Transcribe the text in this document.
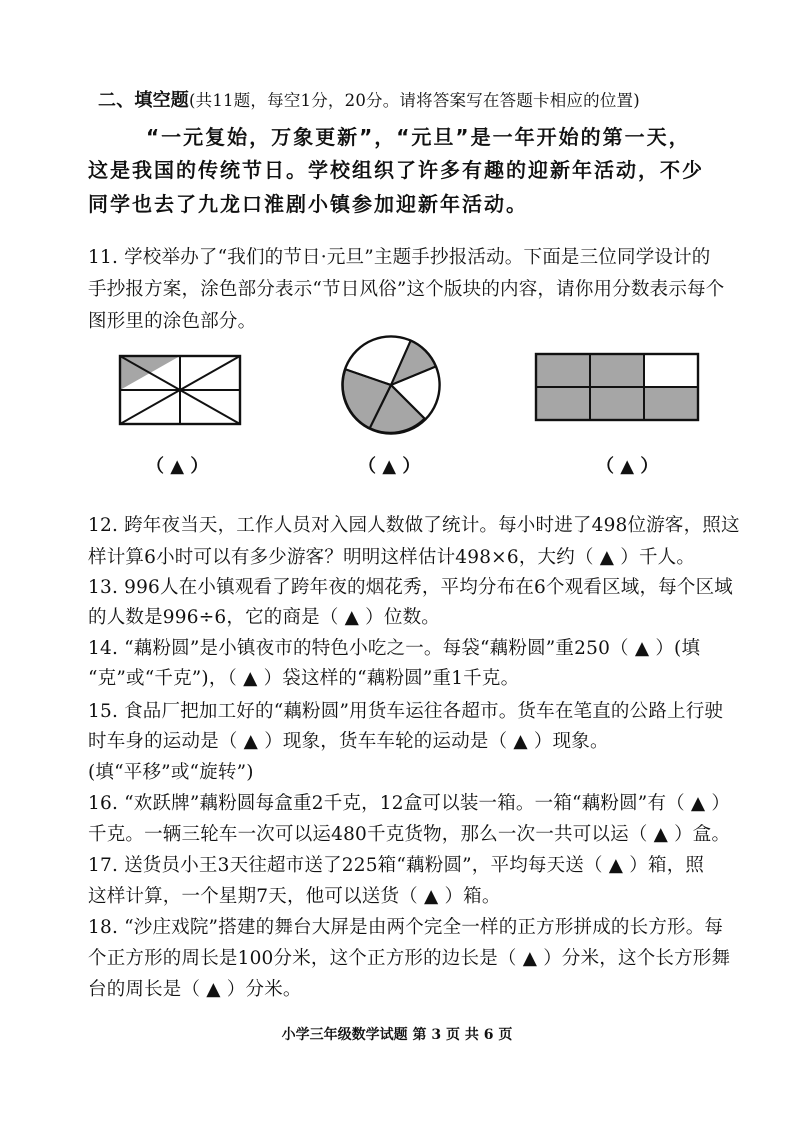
二、填空题(共11题，每空1分，20分。请将答案写在答题卡相应的位置)
“一元复始，万象更新”，“元旦”是一年开始的第一天，
这是我国的传统节日。学校组织了许多有趣的迎新年活动，不少
同学也去了九龙口淮剧小镇参加迎新年活动。
11. 学校举办了“我们的节日·元旦”主题手抄报活动。下面是三位同学设计的
手抄报方案，涂色部分表示“节日风俗”这个版块的内容，请你用分数表示每个
图形里的涂色部分。
（ ▲ ）	（ ▲ ）	（ ▲ ）
12. 跨年夜当天，工作人员对入园人数做了统计。每小时进了498位游客，照这
样计算6小时可以有多少游客？明明这样估计498×6，大约（ ▲ ）千人。
13. 996人在小镇观看了跨年夜的烟花秀，平均分布在6个观看区域，每个区域
的人数是996÷6，它的商是（ ▲ ）位数。
14. “藕粉圆”是小镇夜市的特色小吃之一。每袋“藕粉圆”重250（ ▲ ）(填
“克”或“千克”)，（ ▲ ）袋这样的“藕粉圆”重1千克。
15. 食品厂把加工好的“藕粉圆”用货车运往各超市。货车在笔直的公路上行驶
时车身的运动是（ ▲ ）现象，货车车轮的运动是（ ▲ ）现象。
(填“平移”或“旋转”)
16. “欢跃牌”藕粉圆每盒重2千克，12盒可以装一箱。一箱“藕粉圆”有（ ▲ ）
千克。一辆三轮车一次可以运480千克货物，那么一次一共可以运（ ▲ ）盒。
17. 送货员小王3天往超市送了225箱“藕粉圆”，平均每天送（ ▲ ）箱，照
这样计算，一个星期7天，他可以送货（ ▲ ）箱。
18. “沙庄戏院”搭建的舞台大屏是由两个完全一样的正方形拼成的长方形。每
个正方形的周长是100分米，这个正方形的边长是（ ▲ ）分米，这个长方形舞
台的周长是（ ▲ ）分米。
小学三年级数学试题 第 3 页 共 6 页
